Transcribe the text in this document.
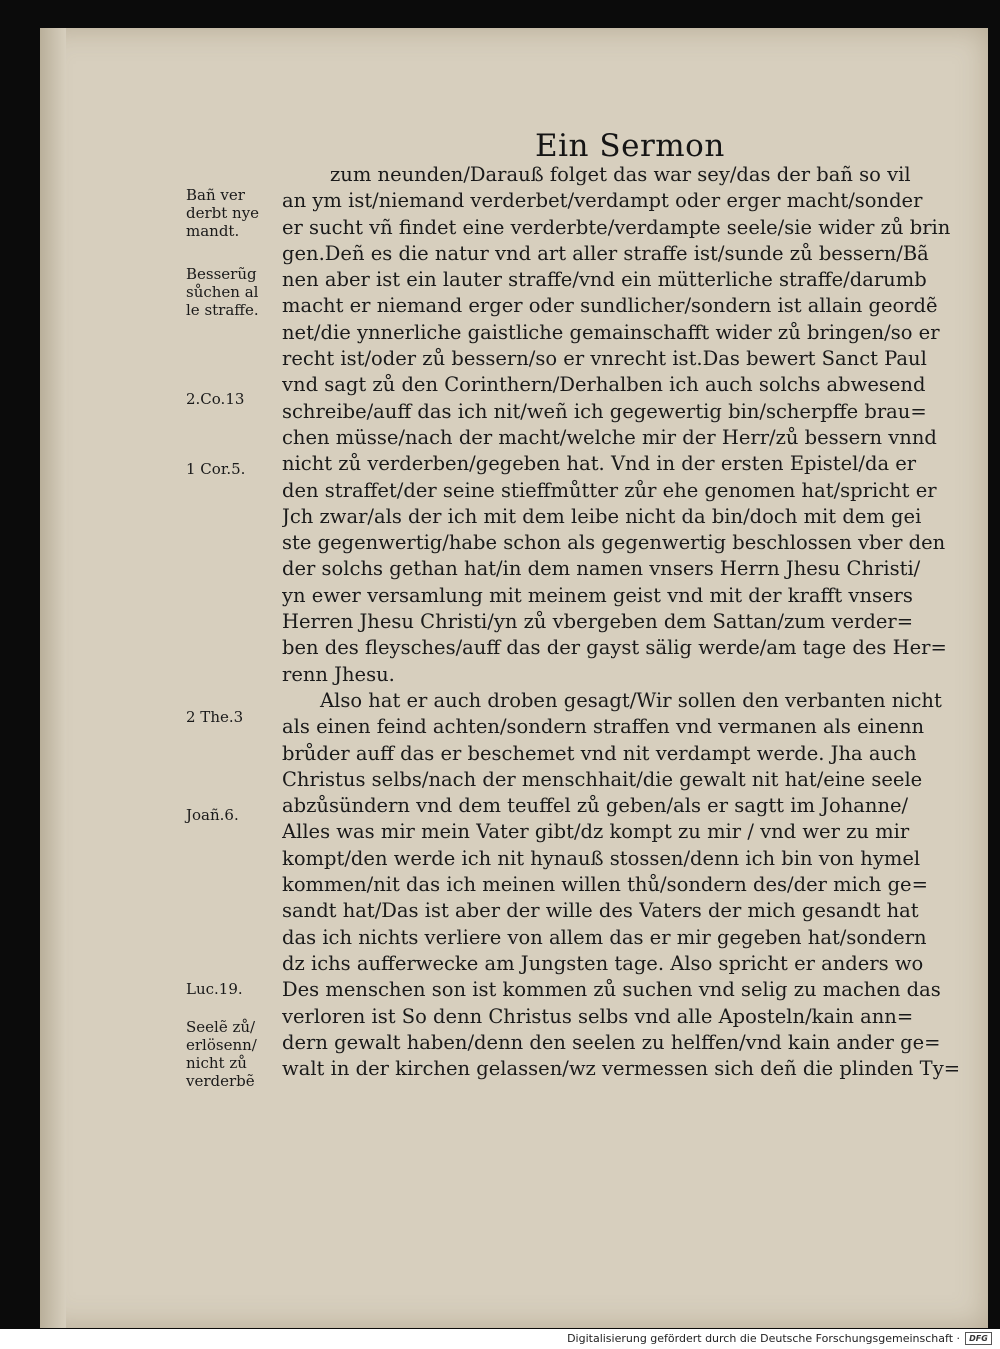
Ein Sermon
zum neunden/Darauß folget das war sey/das der bañ so vil
an ym ist/niemand verderbet/verdampt oder erger macht/sonder
er sucht vñ findet eine verderbte/verdampte seele/sie wider zů brin
gen.Deñ es die natur vnd art aller straffe ist/sunde zů bessern/Bã
nen aber ist ein lauter straffe/vnd ein mütterliche straffe/darumb
macht er niemand erger oder sundlicher/sondern ist allain geordẽ
net/die ynnerliche gaistliche gemainschafft wider zů bringen/so er
recht ist/oder zů bessern/so er vnrecht ist.Das bewert Sanct Paul
vnd sagt zů den Corinthern/Derhalben ich auch solchs abwesend
schreibe/auff das ich nit/weñ ich gegewertig bin/scherpffe brau=
chen müsse/nach der macht/welche mir der Herr/zů bessern vnnd
nicht zů verderben/gegeben hat. Vnd in der ersten Epistel/da er
den straffet/der seine stieffmůtter zůr ehe genomen hat/spricht er
Jch zwar/als der ich mit dem leibe nicht da bin/doch mit dem gei
ste gegenwertig/habe schon als gegenwertig beschlossen vber den
der solchs gethan hat/in dem namen vnsers Herrn Jhesu Christi/
yn ewer versamlung mit meinem geist vnd mit der krafft vnsers
Herren Jhesu Christi/yn zů vbergeben dem Sattan/zum verder=
ben des fleysches/auff das der gayst sälig werde/am tage des Her=
renn Jhesu.
Also hat er auch droben gesagt/Wir sollen den verbanten nicht
als einen feind achten/sondern straffen vnd vermanen als einenn
brůder auff das er beschemet vnd nit verdampt werde. Jha auch
Christus selbs/nach der menschhait/die gewalt nit hat/eine seele
abzůsündern vnd dem teuffel zů geben/als er sagtt im Johanne/
Alles was mir mein Vater gibt/dz kompt zu mir / vnd wer zu mir
kompt/den werde ich nit hynauß stossen/denn ich bin von hymel
kommen/nit das ich meinen willen thů/sondern des/der mich ge=
sandt hat/Das ist aber der wille des Vaters der mich gesandt hat
das ich nichts verliere von allem das er mir gegeben hat/sondern
dz ichs aufferwecke am Jungsten tage. Also spricht er anders wo
Des menschen son ist kommen zů suchen vnd selig zu machen das
verloren ist So denn Christus selbs vnd alle Aposteln/kain ann=
dern gewalt haben/denn den seelen zu helffen/vnd kain ander ge=
walt in der kirchen gelassen/wz vermessen sich deñ die plinden Ty=
Bañ ver
derbt nye
mandt.
Besserũg
sůchen al
le straffe.
2.Co.13
1 Cor.5.
2 The.3
Joañ.6.
Luc.19.
Seelẽ zů/
erlösenn/
nicht zů
verderbẽ
Digitalisierung gefördert durch die Deutsche Forschungsgemeinschaft ·	DFG
